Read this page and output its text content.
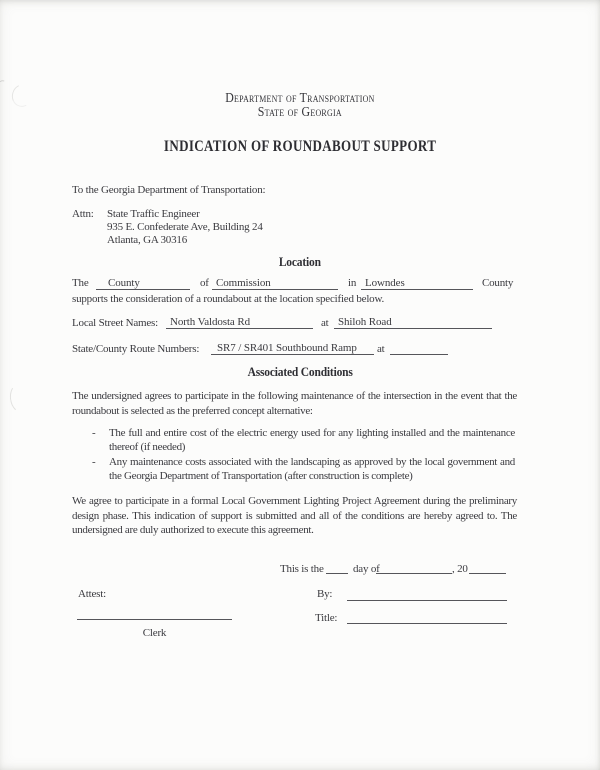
Department of Transportation
State of Georgia
INDICATION OF ROUNDABOUT SUPPORT
To the Georgia Department of Transportation:
Attn: State Traffic Engineer
935 E. Confederate Ave, Building 24
Atlanta, GA 30316
Location
The County	of Commission	in Lowndes	County
supports the consideration of a roundabout at the location specified below.
Local Street Names: North Valdosta Rd	at Shiloh Road
State/County Route Numbers: SR7 / SR401 Southbound Ramp at
Associated Conditions
The undersigned agrees to participate in the following maintenance of the intersection in the event that the roundabout is selected as the preferred concept alternative:
-	The full and entire cost of the electric energy used for any lighting installed and the maintenance thereof (if needed)
-	Any maintenance costs associated with the landscaping as approved by the local government and the Georgia Department of Transportation (after construction is complete)
We agree to participate in a formal Local Government Lighting Project Agreement during the preliminary design phase. This indication of support is submitted and all of the conditions are hereby agreed to. The undersigned are duly authorized to execute this agreement.
This is the	day of	, 20
Attest:	By:
Title:
Clerk
